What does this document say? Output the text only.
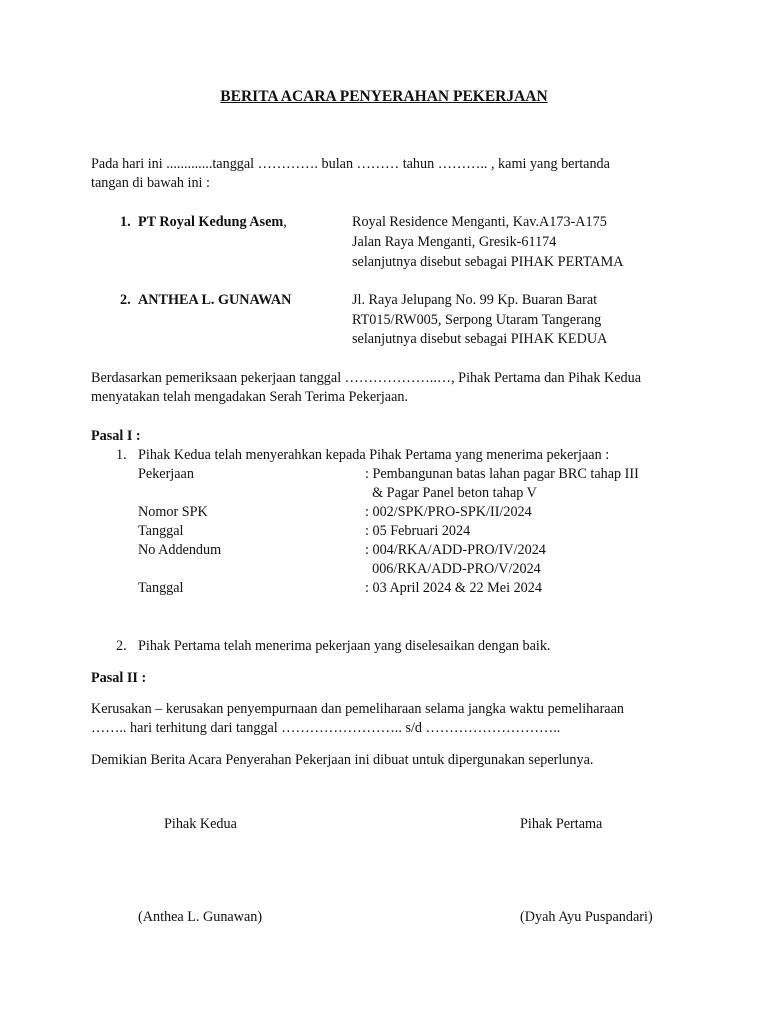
BERITA ACARA PENYERAHAN PEKERJAAN
Pada hari ini .............tanggal …………. bulan ……… tahun ……….. , kami yang bertanda
tangan di bawah ini :
1. PT Royal Kedung Asem,	Royal Residence Menganti, Kav.A173-A175
Jalan Raya Menganti, Gresik-61174
selanjutnya disebut sebagai PIHAK PERTAMA
2. ANTHEA L. GUNAWAN	Jl. Raya Jelupang No. 99 Kp. Buaran Barat
RT015/RW005, Serpong Utaram Tangerang
selanjutnya disebut sebagai PIHAK KEDUA
Berdasarkan pemeriksaan pekerjaan tanggal ………………..…, Pihak Pertama dan Pihak Kedua
menyatakan telah mengadakan Serah Terima Pekerjaan.
Pasal I :
1. Pihak Kedua telah menyerahkan kepada Pihak Pertama yang menerima pekerjaan :
Pekerjaan	: Pembangunan batas lahan pagar BRC tahap III
& Pagar Panel beton tahap V
Nomor SPK	: 002/SPK/PRO-SPK/II/2024
Tanggal	: 05 Februari 2024
No Addendum	: 004/RKA/ADD-PRO/IV/2024
006/RKA/ADD-PRO/V/2024
Tanggal	: 03 April 2024 & 22 Mei 2024
2. Pihak Pertama telah menerima pekerjaan yang diselesaikan dengan baik.
Pasal II :
Kerusakan – kerusakan penyempurnaan dan pemeliharaan selama jangka waktu pemeliharaan
…….. hari terhitung dari tanggal …………………….. s/d ………………………..
Demikian Berita Acara Penyerahan Pekerjaan ini dibuat untuk dipergunakan seperlunya.
Pihak Kedua	Pihak Pertama
(Anthea L. Gunawan)	(Dyah Ayu Puspandari)
